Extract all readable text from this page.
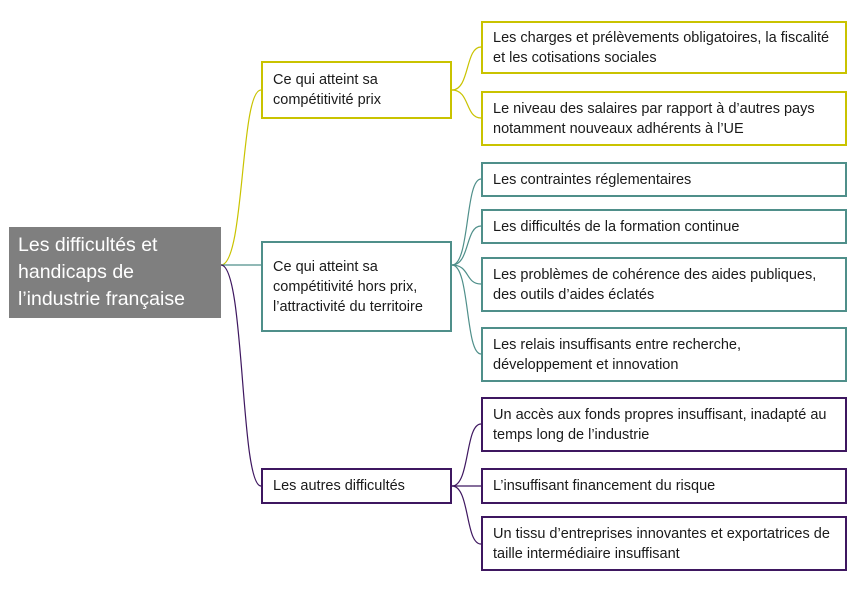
Les difficultés et handicaps de l’industrie française
Ce qui atteint sa compétitivité prix
Les charges et prélèvements obligatoires, la fiscalité et les cotisations sociales
Le niveau des salaires par rapport à d’autres pays notamment nouveaux adhérents à l’UE
Ce qui atteint sa compétitivité hors prix, l’attractivité du territoire
Les contraintes réglementaires
Les difficultés de la formation continue
Les problèmes de cohérence des aides publiques, des outils d’aides éclatés
Les relais insuffisants entre recherche, développement et innovation
Les autres difficultés
Un accès aux fonds propres insuffisant, inadapté au temps long de l’industrie
L’insuffisant financement du risque
Un tissu d’entreprises innovantes et exportatrices de taille intermédiaire insuffisant
